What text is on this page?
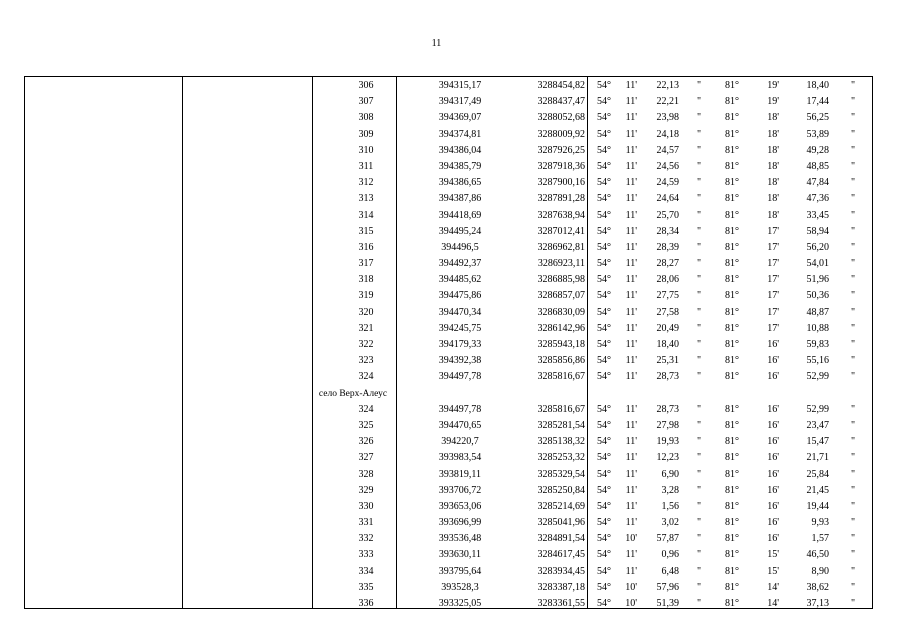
11
306	394315,17	3288454,82	54° 11'	22,13 "	81°	19'	18,40 "
307	394317,49	3288437,47	54° 11'	22,21 "	81°	19'	17,44 "
308	394369,07	3288052,68	54° 11'	23,98 "	81°	18'	56,25 "
309	394374,81	3288009,92	54° 11'	24,18 "	81°	18'	53,89 "
310	394386,04	3287926,25	54° 11'	24,57 "	81°	18'	49,28 "
311	394385,79	3287918,36	54° 11'	24,56 "	81°	18'	48,85 "
312	394386,65	3287900,16	54° 11'	24,59 "	81°	18'	47,84 "
313	394387,86	3287891,28	54° 11'	24,64 "	81°	18'	47,36 "
314	394418,69	3287638,94	54° 11'	25,70 "	81°	18'	33,45 "
315	394495,24	3287012,41	54° 11'	28,34 "	81°	17'	58,94 "
316	394496,5	3286962,81	54° 11'	28,39 "	81°	17'	56,20 "
317	394492,37	3286923,11	54° 11'	28,27 "	81°	17'	54,01 "
318	394485,62	3286885,98	54° 11'	28,06 "	81°	17'	51,96 "
319	394475,86	3286857,07	54° 11'	27,75 "	81°	17'	50,36 "
320	394470,34	3286830,09	54° 11'	27,58 "	81°	17'	48,87 "
321	394245,75	3286142,96	54° 11'	20,49 "	81°	17'	10,88 "
322	394179,33	3285943,18	54° 11'	18,40 "	81°	16'	59,83 "
323	394392,38	3285856,86	54° 11'	25,31 "	81°	16'	55,16 "
324	394497,78	3285816,67	54° 11'	28,73 "	81°	16'	52,99 "
село Верх-Алеус
324	394497,78	3285816,67	54° 11'	28,73 "	81°	16'	52,99 "
325	394470,65	3285281,54	54° 11'	27,98 "	81°	16'	23,47 "
326	394220,7	3285138,32	54° 11'	19,93 "	81°	16'	15,47 "
327	393983,54	3285253,32	54° 11'	12,23 "	81°	16'	21,71 "
328	393819,11	3285329,54	54° 11'	6,90 "	81°	16'	25,84 "
329	393706,72	3285250,84	54° 11'	3,28 "	81°	16'	21,45 "
330	393653,06	3285214,69	54° 11'	1,56 "	81°	16'	19,44 "
331	393696,99	3285041,96	54° 11'	3,02 "	81°	16'	9,93 "
332	393536,48	3284891,54	54° 10'	57,87 "	81°	16'	1,57 "
333	393630,11	3284617,45	54° 11'	0,96 "	81°	15'	46,50 "
334	393795,64	3283934,45	54° 11'	6,48 "	81°	15'	8,90 "
335	393528,3	3283387,18	54° 10'	57,96 "	81°	14'	38,62 "
336	393325,05	3283361,55	54° 10'	51,39 "	81°	14'	37,13 "
